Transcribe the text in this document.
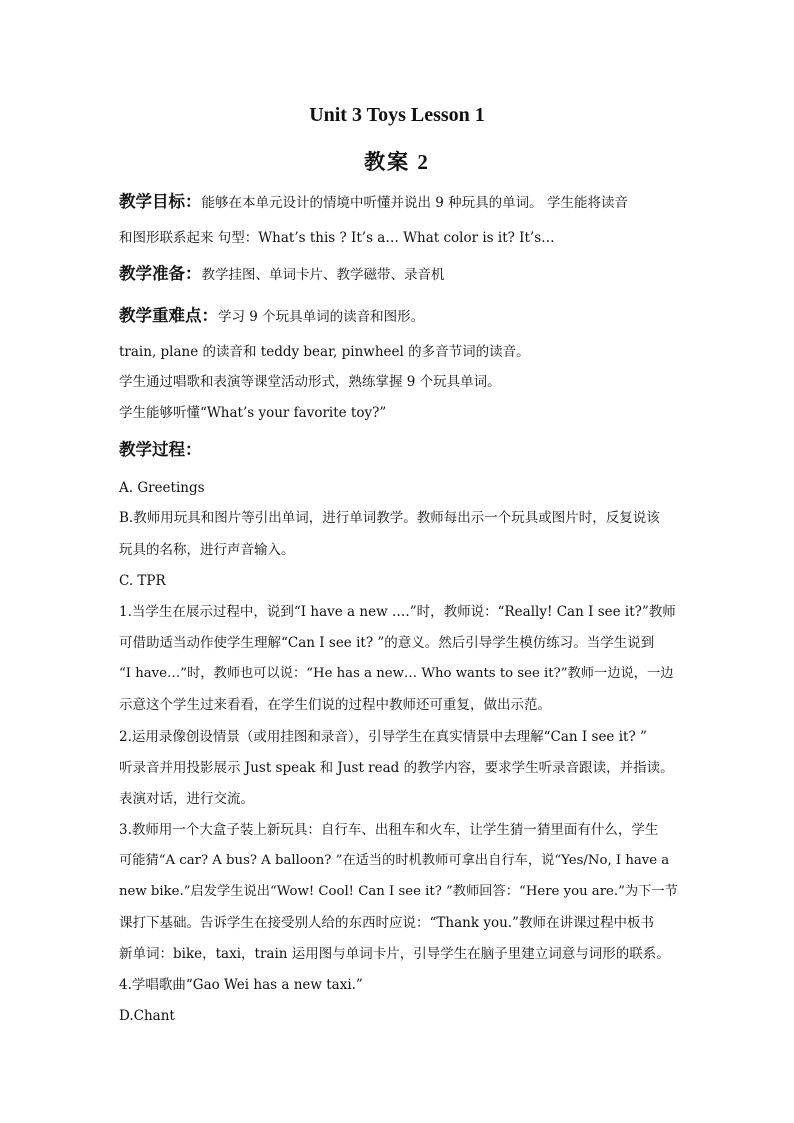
Unit 3 Toys Lesson 1
教案 2
教学目标：能够在本单元设计的情境中听懂并说出 9 种玩具的单词。 学生能将读音
和图形联系起来 句型：What’s this ? It’s a… What color is it? It’s…
教学准备：教学挂图、单词卡片、教学磁带、录音机
教学重难点：学习 9 个玩具单词的读音和图形。
train, plane 的读音和 teddy bear, pinwheel 的多音节词的读音。
学生通过唱歌和表演等课堂活动形式，熟练掌握 9 个玩具单词。
学生能够听懂“What’s your favorite toy?”
教学过程：
A. Greetings
B.教师用玩具和图片等引出单词，进行单词教学。教师每出示一个玩具或图片时，反复说该
玩具的名称，进行声音输入。
C. TPR
1.当学生在展示过程中，说到“I have a new ….”时，教师说：“Really! Can I see it?”教师
可借助适当动作使学生理解“Can I see it? ”的意义。然后引导学生模仿练习。当学生说到
“I have…”时，教师也可以说：“He has a new… Who wants to see it?”教师一边说，一边
示意这个学生过来看看，在学生们说的过程中教师还可重复，做出示范。
2.运用录像创设情景（或用挂图和录音），引导学生在真实情景中去理解“Can I see it? ”
听录音并用投影展示 Just speak 和 Just read 的教学内容，要求学生听录音跟读，并指读。
表演对话，进行交流。
3.教师用一个大盒子装上新玩具：自行车、出租车和火车，让学生猜一猜里面有什么，学生
可能猜“A car? A bus? A balloon? ”在适当的时机教师可拿出自行车，说“Yes/No, I have a
new bike.”启发学生说出“Wow! Cool! Can I see it? ”教师回答：“Here you are.”为下一节
课打下基础。告诉学生在接受别人给的东西时应说：“Thank you.”教师在讲课过程中板书
新单词：bike，taxi，train 运用图与单词卡片，引导学生在脑子里建立词意与词形的联系。
4.学唱歌曲“Gao Wei has a new taxi.”
D.Chant
